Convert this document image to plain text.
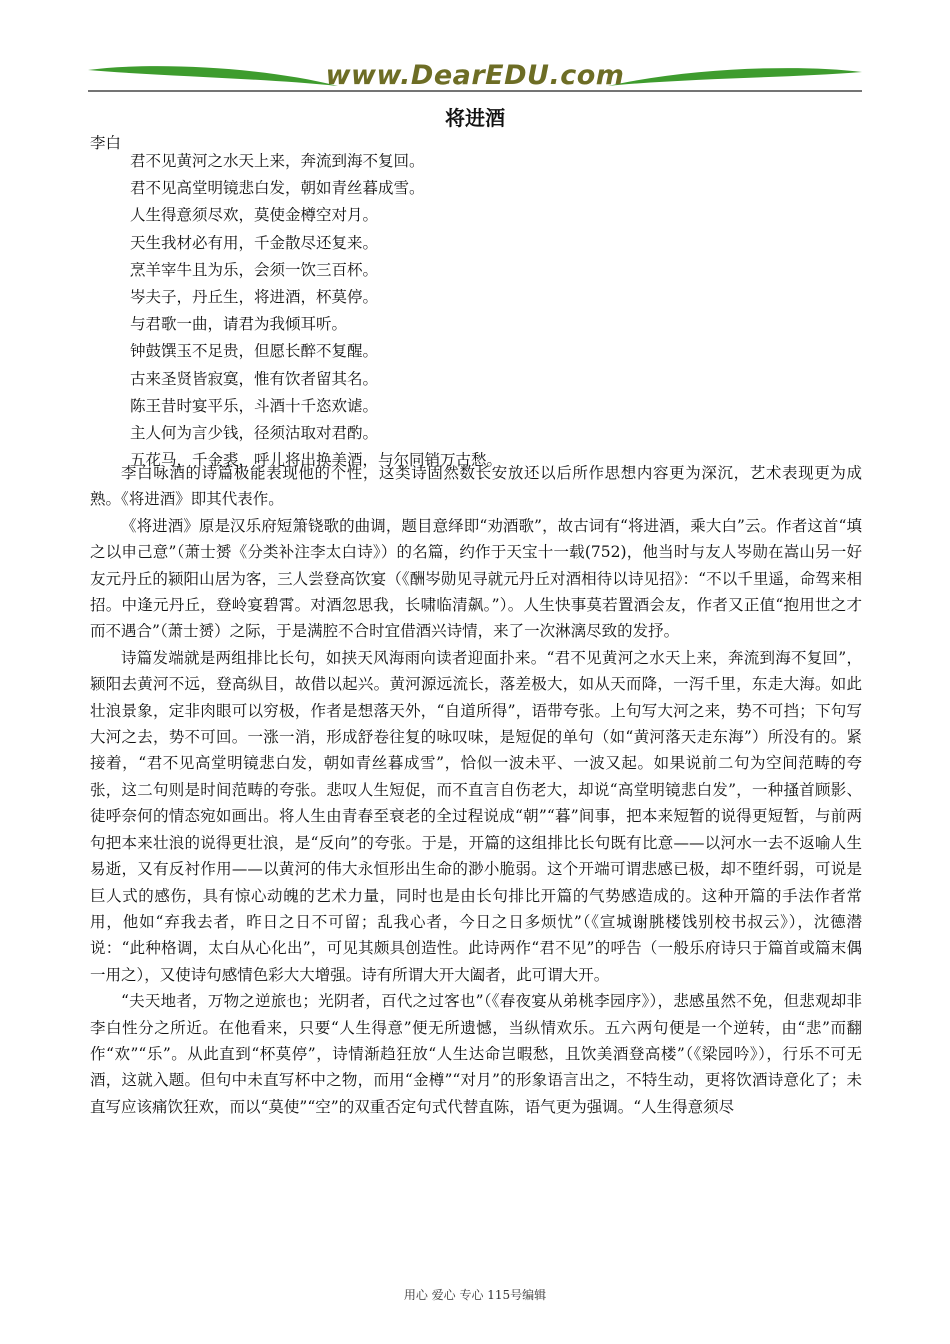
www.DearEDU.com
将进酒
李白
君不见黄河之水天上来，奔流到海不复回。
君不见高堂明镜悲白发，朝如青丝暮成雪。
人生得意须尽欢，莫使金樽空对月。
天生我材必有用，千金散尽还复来。
烹羊宰牛且为乐，会须一饮三百杯。
岑夫子，丹丘生，将进酒，杯莫停。
与君歌一曲，请君为我倾耳听。
钟鼓馔玉不足贵，但愿长醉不复醒。
古来圣贤皆寂寞，惟有饮者留其名。
陈王昔时宴平乐，斗酒十千恣欢谑。
主人何为言少钱，径须沽取对君酌。
五花马，千金裘，呼儿将出换美酒，与尔同销万古愁。

李白咏酒的诗篇极能表现他的个性，这类诗固然数长安放还以后所作思想内容更为深沉，艺术表现更为成熟。《将进酒》即其代表作。

《将进酒》原是汉乐府短箫铙歌的曲调，题目意绎即“劝酒歌”，故古词有“将进酒，乘大白”云。作者这首“填之以申己意”（萧士赟《分类补注李太白诗》）的名篇，约作于天宝十一载(752)，他当时与友人岑勋在嵩山另一好友元丹丘的颍阳山居为客，三人尝登高饮宴（《酬岑勋见寻就元丹丘对酒相待以诗见招》：“不以千里遥，命驾来相招。中逢元丹丘，登岭宴碧霄。对酒忽思我，长啸临清飙。”）。人生快事莫若置酒会友，作者又正值“抱用世之才而不遇合”（萧士赟）之际，于是满腔不合时宜借酒兴诗情，来了一次淋漓尽致的发抒。

诗篇发端就是两组排比长句，如挟天风海雨向读者迎面扑来。“君不见黄河之水天上来，奔流到海不复回”，颍阳去黄河不远，登高纵目，故借以起兴。黄河源远流长，落差极大，如从天而降，一泻千里，东走大海。如此壮浪景象，定非肉眼可以穷极，作者是想落天外，“自道所得”，语带夸张。上句写大河之来，势不可挡；下句写大河之去，势不可回。一涨一消，形成舒卷往复的咏叹味，是短促的单句（如“黄河落天走东海”）所没有的。紧接着，“君不见高堂明镜悲白发，朝如青丝暮成雪”，恰似一波未平、一波又起。如果说前二句为空间范畴的夸张，这二句则是时间范畴的夸张。悲叹人生短促，而不直言自伤老大，却说“高堂明镜悲白发”，一种搔首顾影、徒呼奈何的情态宛如画出。将人生由青春至衰老的全过程说成“朝”“暮”间事，把本来短暂的说得更短暂，与前两句把本来壮浪的说得更壮浪，是“反向”的夸张。于是，开篇的这组排比长句既有比意——以河水一去不返喻人生易逝，又有反衬作用——以黄河的伟大永恒形出生命的渺小脆弱。这个开端可谓悲感已极，却不堕纤弱，可说是巨人式的感伤，具有惊心动魄的艺术力量，同时也是由长句排比开篇的气势感造成的。这种开篇的手法作者常用，他如“弃我去者，昨日之日不可留；乱我心者，今日之日多烦忧”（《宣城谢朓楼饯别校书叔云》），沈德潜说：“此种格调，太白从心化出”，可见其颇具创造性。此诗两作“君不见”的呼告（一般乐府诗只于篇首或篇末偶一用之），又使诗句感情色彩大大增强。诗有所谓大开大阖者，此可谓大开。

“夫天地者，万物之逆旅也；光阴者，百代之过客也”（《春夜宴从弟桃李园序》），悲感虽然不免，但悲观却非李白性分之所近。在他看来，只要“人生得意”便无所遗憾，当纵情欢乐。五六两句便是一个逆转，由“悲”而翻作“欢”“乐”。从此直到“杯莫停”，诗情渐趋狂放“人生达命岂暇愁，且饮美酒登高楼”（《梁园吟》），行乐不可无酒，这就入题。但句中未直写杯中之物，而用“金樽”“对月”的形象语言出之，不特生动，更将饮酒诗意化了；未直写应该痛饮狂欢，而以“莫使”“空”的双重否定句式代替直陈，语气更为强调。“人生得意须尽

用心 爱心 专心 115号编辑
